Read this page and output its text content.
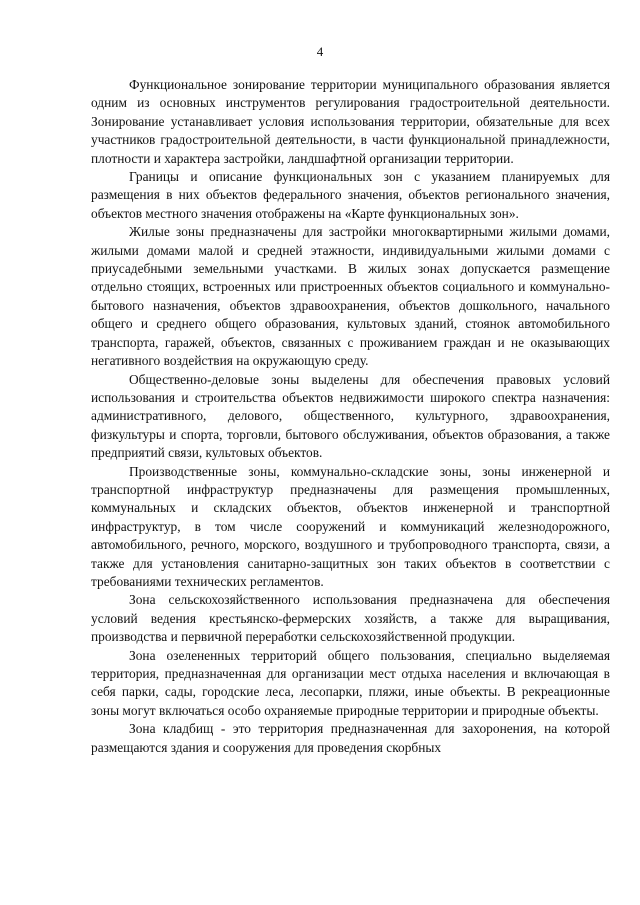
4

Функциональное зонирование территории муниципального образования является одним из основных инструментов регулирования градостроительной деятельности. Зонирование устанавливает условия использования территории, обязательные для всех участников градостроительной деятельности, в части функциональной принадлежности, плотности и характера застройки, ландшафтной организации территории.

Границы и описание функциональных зон с указанием планируемых для размещения в них объектов федерального значения, объектов регионального значения, объектов местного значения отображены на «Карте функциональных зон».

Жилые зоны предназначены для застройки многоквартирными жилыми домами, жилыми домами малой и средней этажности, индивидуальными жилыми домами с приусадебными земельными участками. В жилых зонах допускается размещение отдельно стоящих, встроенных или пристроенных объектов социального и коммунально-бытового назначения, объектов здравоохранения, объектов дошкольного, начального общего и среднего общего образования, культовых зданий, стоянок автомобильного транспорта, гаражей, объектов, связанных с проживанием граждан и не оказывающих негативного воздействия на окружающую среду.

Общественно-деловые зоны выделены для обеспечения правовых условий использования и строительства объектов недвижимости широкого спектра назначения: административного, делового, общественного, культурного, здравоохранения, физкультуры и спорта, торговли, бытового обслуживания, объектов образования, а также предприятий связи, культовых объектов.

Производственные зоны, коммунально-складские зоны, зоны инженерной и транспортной инфраструктур предназначены для размещения промышленных, коммунальных и складских объектов, объектов инженерной и транспортной инфраструктур, в том числе сооружений и коммуникаций железнодорожного, автомобильного, речного, морского, воздушного и трубопроводного транспорта, связи, а также для установления санитарно-защитных зон таких объектов в соответствии с требованиями технических регламентов.

Зона сельскохозяйственного использования предназначена для обеспечения условий ведения крестьянско-фермерских хозяйств, а также для выращивания, производства и первичной переработки сельскохозяйственной продукции.

Зона озелененных территорий общего пользования, специально выделяемая территория, предназначенная для организации мест отдыха населения и включающая в себя парки, сады, городские леса, лесопарки, пляжи, иные объекты. В рекреационные зоны могут включаться особо охраняемые природные территории и природные объекты.

Зона кладбищ - это территория предназначенная для захоронения, на которой размещаются здания и сооружения для проведения скорбных
